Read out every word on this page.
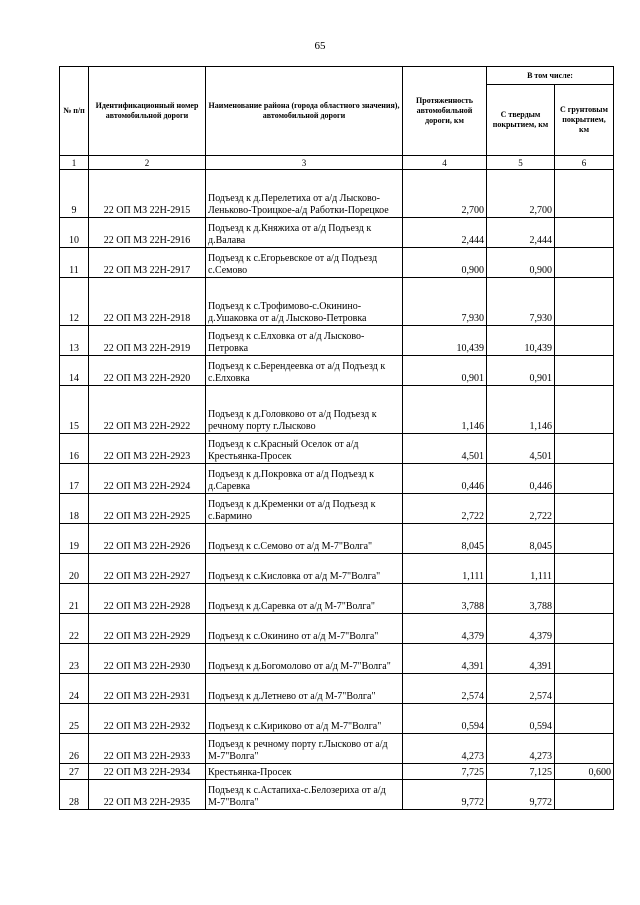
65
№ п/п	Идентификационный номер автомобильной дороги	Наименование района (города областного значения), автомобильной дороги	Протяженность автомобильной дороги, км	В том числе:	
				С твердым покрытием, км	С грунтовым покрытием, км
1	2	3	4	5	6
9	22 ОП МЗ 22Н-2915	Подъезд к д.Перелетиха от а/д Лысково-Леньково-Троицкое-а/д Работки-Порецкое	2,700	2,700	
10	22 ОП МЗ 22Н-2916	Подъезд к д.Княжиха от а/д Подъезд к д.Валава	2,444	2,444	
11	22 ОП МЗ 22Н-2917	Подъезд к с.Егорьевское от а/д Подъезд с.Семово	0,900	0,900	
12	22 ОП МЗ 22Н-2918	Подъезд к с.Трофимово-с.Окинино-д.Ушаковка от а/д Лысково-Петровка	7,930	7,930	
13	22 ОП МЗ 22Н-2919	Подъезд к с.Елховка от а/д Лысково-Петровка	10,439	10,439	
14	22 ОП МЗ 22Н-2920	Подъезд к с.Берендеевка от а/д Подъезд к с.Елховка	0,901	0,901	
15	22 ОП МЗ 22Н-2922	Подъезд к д.Головково от а/д Подъезд к речному порту г.Лысково	1,146	1,146	
16	22 ОП МЗ 22Н-2923	Подъезд к с.Красный Оселок от а/д Крестьянка-Просек	4,501	4,501	
17	22 ОП МЗ 22Н-2924	Подъезд к д.Покровка от а/д Подъезд к д.Саревка	0,446	0,446	
18	22 ОП МЗ 22Н-2925	Подъезд к д.Кременки от а/д Подъезд к с.Бармино	2,722	2,722	
19	22 ОП МЗ 22Н-2926	Подъезд к с.Семово от а/д М-7"Волга"	8,045	8,045	
20	22 ОП МЗ 22Н-2927	Подъезд к с.Кисловка от а/д М-7"Волга"	1,111	1,111	
21	22 ОП МЗ 22Н-2928	Подъезд к д.Саревка от а/д М-7"Волга"	3,788	3,788	
22	22 ОП МЗ 22Н-2929	Подъезд к с.Окинино от а/д М-7"Волга"	4,379	4,379	
23	22 ОП МЗ 22Н-2930	Подъезд к д.Богомолово от а/д М-7"Волга"	4,391	4,391	
24	22 ОП МЗ 22Н-2931	Подъезд к д.Летнево от а/д М-7"Волга"	2,574	2,574	
25	22 ОП МЗ 22Н-2932	Подъезд к с.Кириково от а/д М-7"Волга"	0,594	0,594	
26	22 ОП МЗ 22Н-2933	Подъезд к речному порту г.Лысково от а/д М-7"Волга"	4,273	4,273	
27	22 ОП МЗ 22Н-2934	Крестьянка-Просек	7,725	7,125	0,600
28	22 ОП МЗ 22Н-2935	Подъезд к с.Астапиха-с.Белозериха от а/д М-7"Волга"	9,772	9,772	
